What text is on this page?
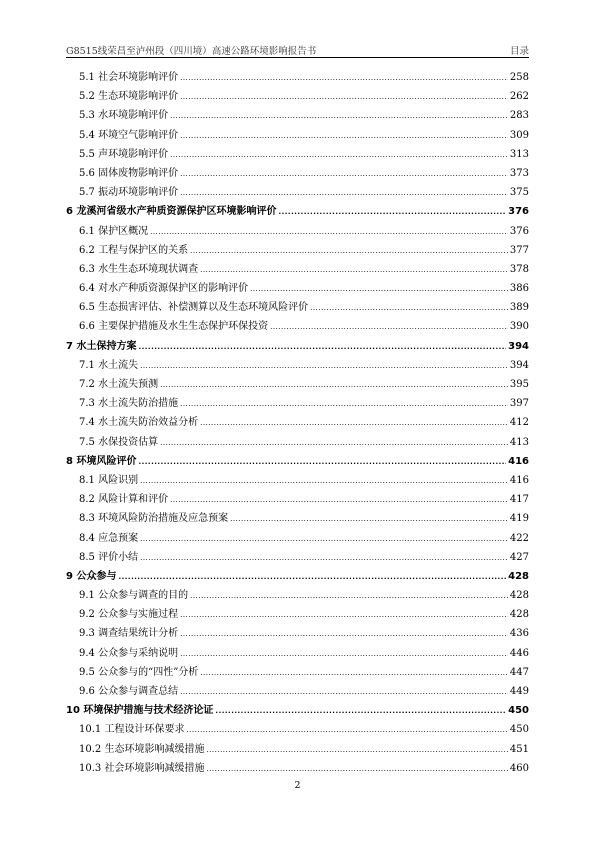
G8515线荣昌至泸州段（四川境）高速公路环境影响报告书	目录
5.1 社会环境影响评价 .....	258
5.2 生态环境影响评价 .....	262
5.3 水环境影响评价 .....	283
5.4 环境空气影响评价 .....	309
5.5 声环境影响评价 .....	313
5.6 固体废物影响评价 .....	373
5.7 振动环境影响评价 .....	375
6 龙溪河省级水产种质资源保护区环境影响评价 .....	376
6.1 保护区概况 .....	376
6.2 工程与保护区的关系 .....	377
6.3 水生生态环境现状调查 .....	378
6.4 对水产种质资源保护区的影响评价 .....	386
6.5 生态损害评估、补偿测算以及生态环境风险评价 .....	389
6.6 主要保护措施及水生生态保护环保投资 .....	390
7 水土保持方案 .....	394
7.1 水土流失 .....	394
7.2 水土流失预测 .....	395
7.3 水土流失防治措施 .....	397
7.4 水土流失防治效益分析 .....	412
7.5 水保投资估算 .....	413
8 环境风险评价 .....	416
8.1 风险识别 .....	416
8.2 风险计算和评价 .....	417
8.3 环境风险防治措施及应急预案 .....	419
8.4 应急预案 .....	422
8.5 评价小结 .....	427
9 公众参与 .....	428
9.1 公众参与调查的目的 .....	428
9.2 公众参与实施过程 .....	428
9.3 调查结果统计分析 .....	436
9.4 公众参与采纳说明 .....	446
9.5 公众参与的“四性”分析 .....	447
9.6 公众参与调查总结 .....	449
10 环境保护措施与技术经济论证 .....	450
10.1 工程设计环保要求 .....	450
10.2 生态环境影响减缓措施 .....	451
10.3 社会环境影响减缓措施 .....	460
2
